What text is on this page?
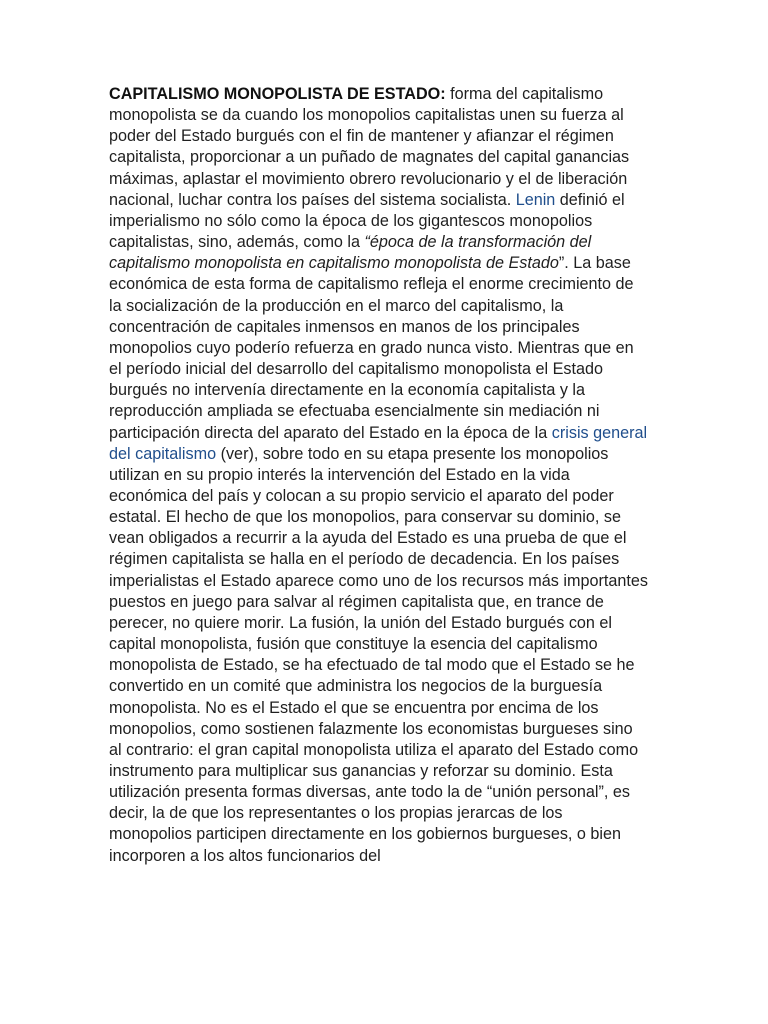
CAPITALISMO MONOPOLISTA DE ESTADO: forma del capitalismo monopolista se da cuando los monopolios capitalistas unen su fuerza al poder del Estado burgués con el fin de mantener y afianzar el régimen capitalista, proporcionar a un puñado de magnates del capital ganancias máximas, aplastar el movimiento obrero revolucionario y el de liberación nacional, luchar contra los países del sistema socialista. Lenin definió el imperialismo no sólo como la época de los gigantescos monopolios capitalistas, sino, además, como la “época de la transformación del capitalismo monopolista en capitalismo monopolista de Estado”. La base económica de esta forma de capitalismo refleja el enorme crecimiento de la socialización de la producción en el marco del capitalismo, la concentración de capitales inmensos en manos de los principales monopolios cuyo poderío refuerza en grado nunca visto. Mientras que en el período inicial del desarrollo del capitalismo monopolista el Estado burgués no intervenía directamente en la economía capitalista y la reproducción ampliada se efectuaba esencialmente sin mediación ni participación directa del aparato del Estado en la época de la crisis general del capitalismo (ver), sobre todo en su etapa presente los monopolios utilizan en su propio interés la intervención del Estado en la vida económica del país y colocan a su propio servicio el aparato del poder estatal. El hecho de que los monopolios, para conservar su dominio, se vean obligados a recurrir a la ayuda del Estado es una prueba de que el régimen capitalista se halla en el período de decadencia. En los países imperialistas el Estado aparece como uno de los recursos más importantes puestos en juego para salvar al régimen capitalista que, en trance de perecer, no quiere morir. La fusión, la unión del Estado burgués con el capital monopolista, fusión que constituye la esencia del capitalismo monopolista de Estado, se ha efectuado de tal modo que el Estado se he convertido en un comité que administra los negocios de la burguesía monopolista. No es el Estado el que se encuentra por encima de los monopolios, como sostienen falazmente los economistas burgueses sino al contrario: el gran capital monopolista utiliza el aparato del Estado como instrumento para multiplicar sus ganancias y reforzar su dominio. Esta utilización presenta formas diversas, ante todo la de “unión personal”, es decir, la de que los representantes o los propias jerarcas de los monopolios participen directamente en los gobiernos burgueses, o bien incorporen a los altos funcionarios del
